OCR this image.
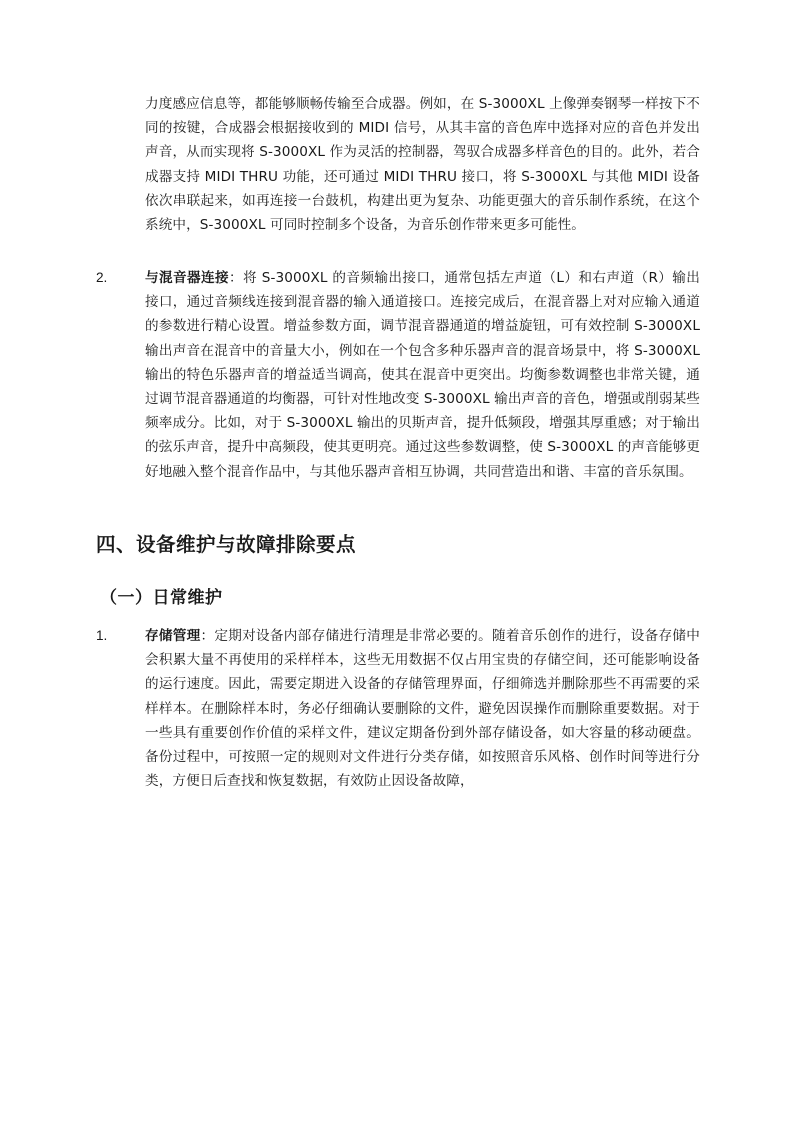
力度感应信息等，都能够顺畅传输至合成器。例如，在 S-3000XL 上像弹奏钢琴一样按下不同的按键，合成器会根据接收到的 MIDI 信号，从其丰富的音色库中选择对应的音色并发出声音，从而实现将 S-3000XL 作为灵活的控制器，驾驭合成器多样音色的目的。此外，若合成器支持 MIDI THRU 功能，还可通过 MIDI THRU 接口，将 S-3000XL 与其他 MIDI 设备依次串联起来，如再连接一台鼓机，构建出更为复杂、功能更强大的音乐制作系统，在这个系统中，S-3000XL 可同时控制多个设备，为音乐创作带来更多可能性。

2.	与混音器连接：将 S-3000XL 的音频输出接口，通常包括左声道（L）和右声道（R）输出接口，通过音频线连接到混音器的输入通道接口。连接完成后，在混音器上对对应输入通道的参数进行精心设置。增益参数方面，调节混音器通道的增益旋钮，可有效控制 S-3000XL 输出声音在混音中的音量大小，例如在一个包含多种乐器声音的混音场景中，将 S-3000XL 输出的特色乐器声音的增益适当调高，使其在混音中更突出。均衡参数调整也非常关键，通过调节混音器通道的均衡器，可针对性地改变 S-3000XL 输出声音的音色，增强或削弱某些频率成分。比如，对于 S-3000XL 输出的贝斯声音，提升低频段，增强其厚重感；对于输出的弦乐声音，提升中高频段，使其更明亮。通过这些参数调整，使 S-3000XL 的声音能够更好地融入整个混音作品中，与其他乐器声音相互协调，共同营造出和谐、丰富的音乐氛围。

四、设备维护与故障排除要点
（一）日常维护
1.	存储管理：定期对设备内部存储进行清理是非常必要的。随着音乐创作的进行，设备存储中会积累大量不再使用的采样样本，这些无用数据不仅占用宝贵的存储空间，还可能影响设备的运行速度。因此，需要定期进入设备的存储管理界面，仔细筛选并删除那些不再需要的采样样本。在删除样本时，务必仔细确认要删除的文件，避免因误操作而删除重要数据。对于一些具有重要创作价值的采样文件，建议定期备份到外部存储设备，如大容量的移动硬盘。备份过程中，可按照一定的规则对文件进行分类存储，如按照音乐风格、创作时间等进行分类，方便日后查找和恢复数据，有效防止因设备故障，
